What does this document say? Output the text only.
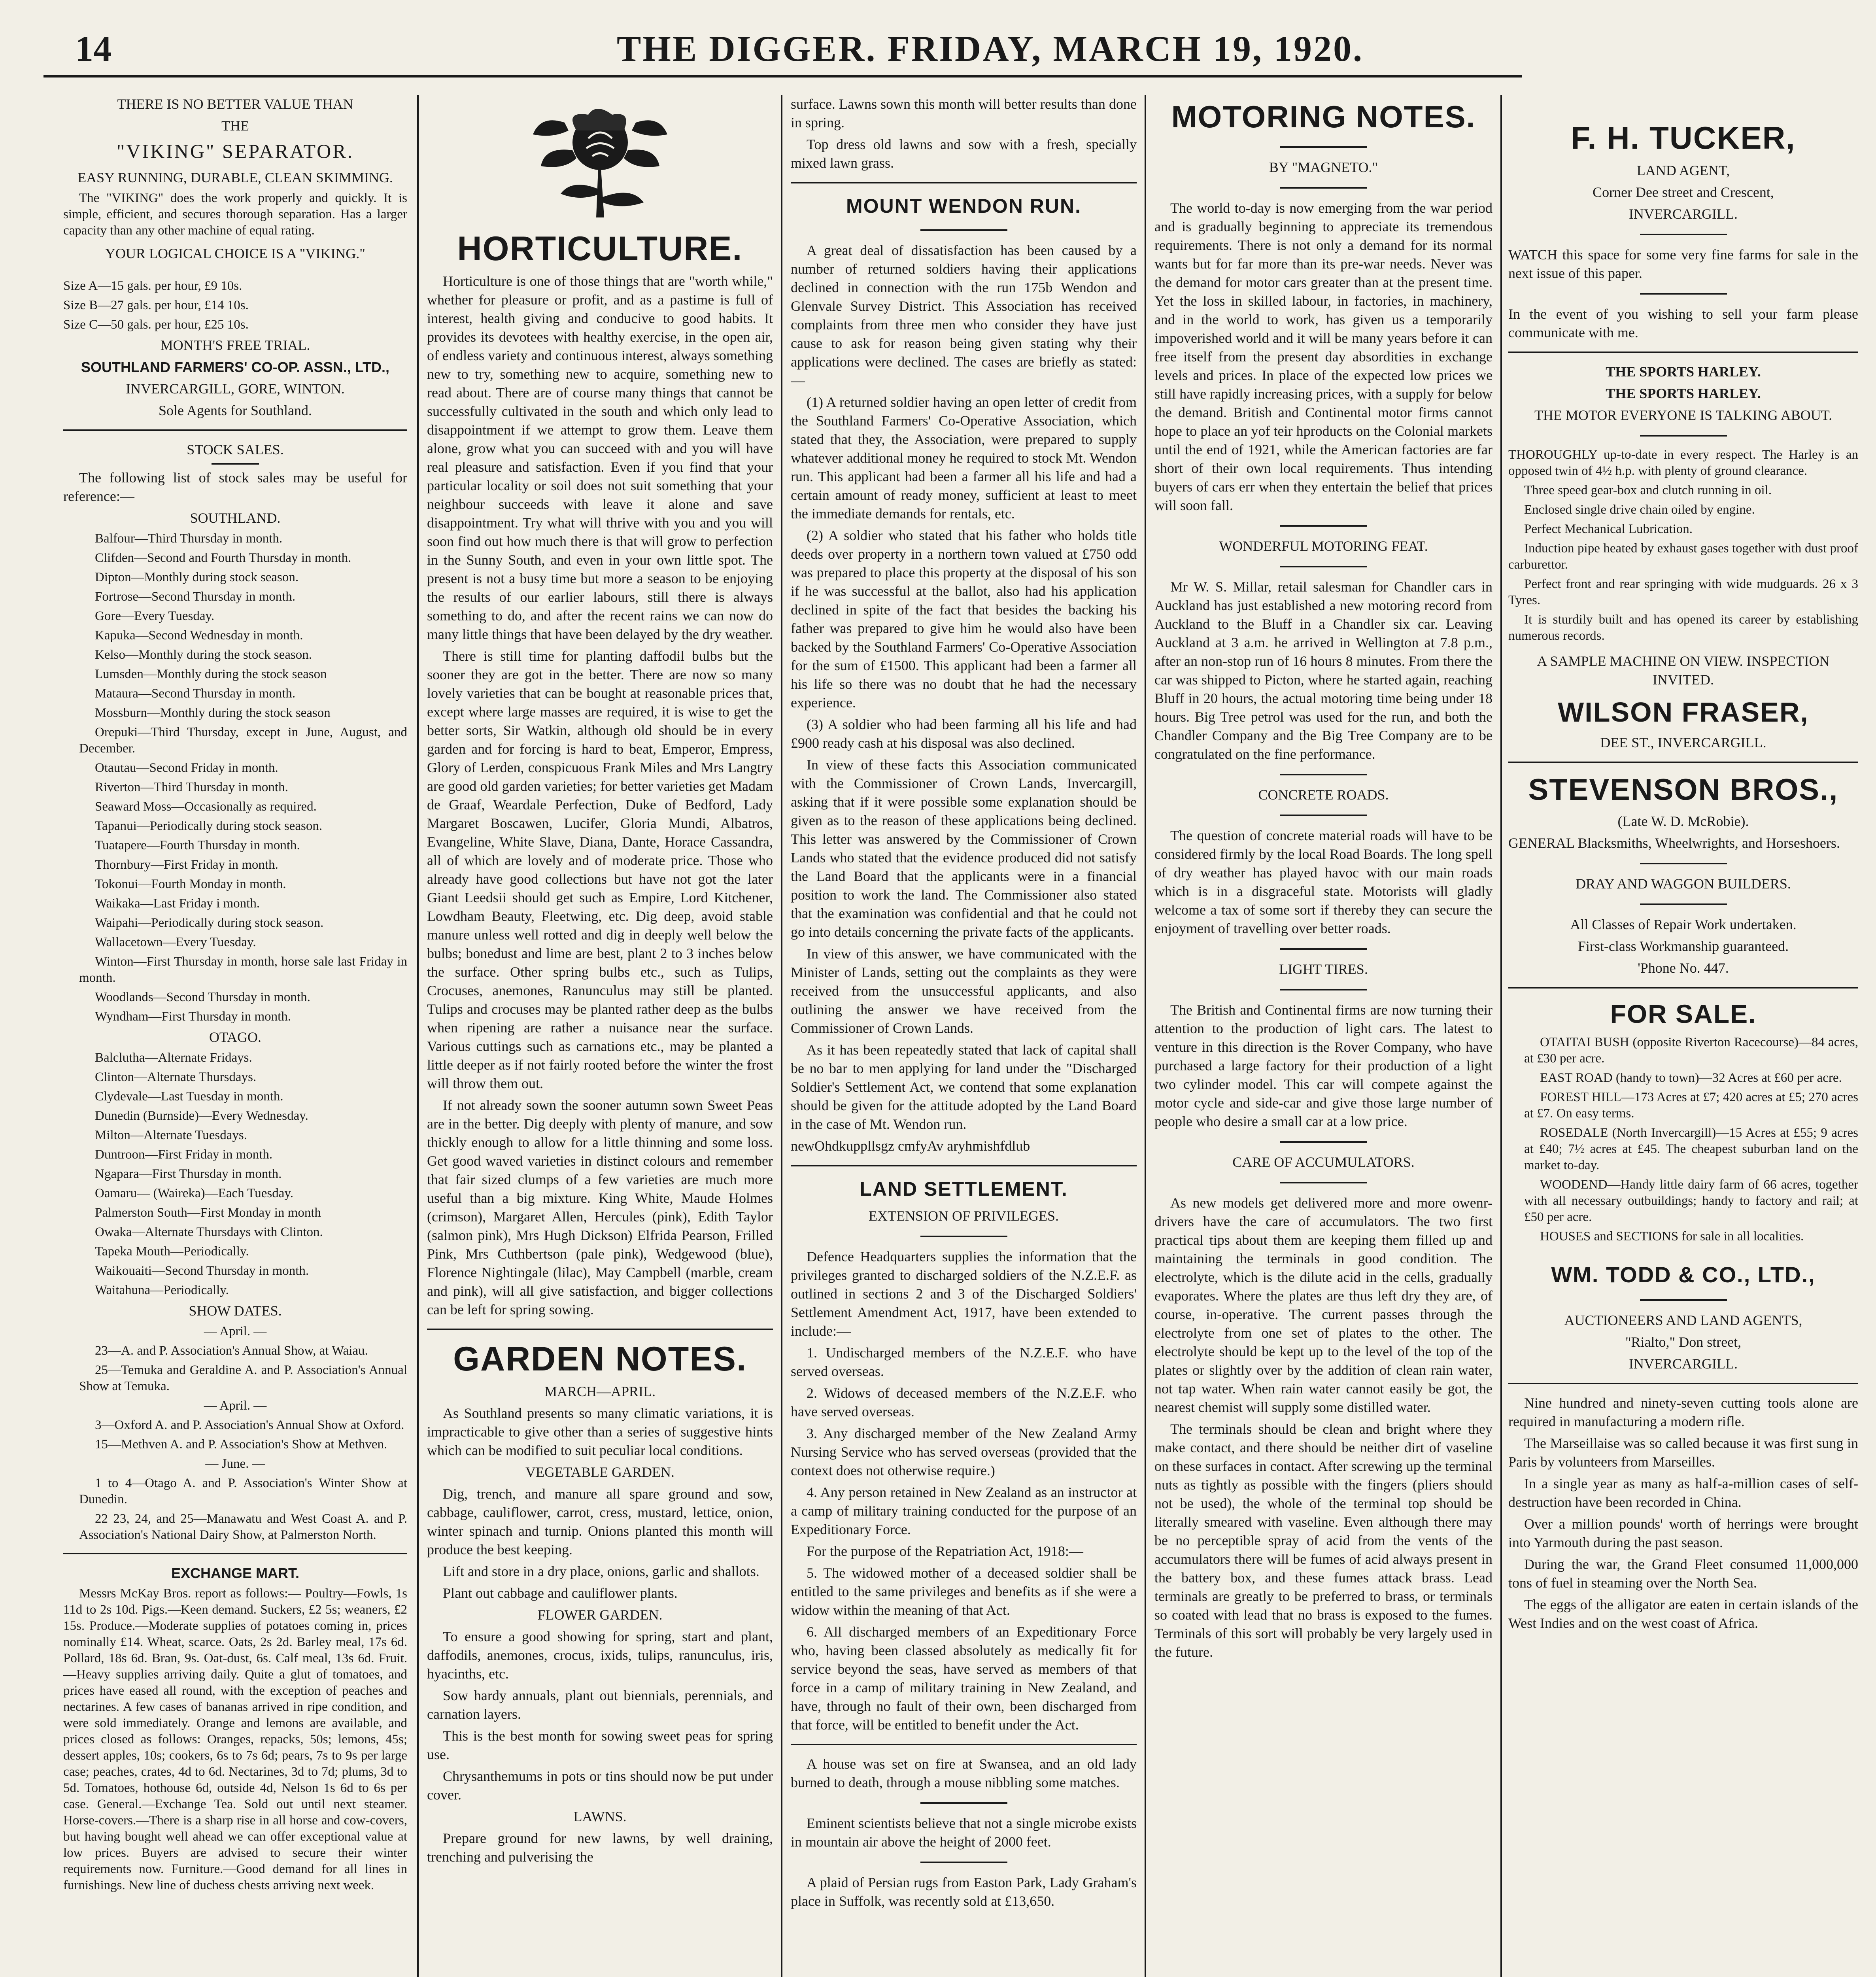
14	THE DIGGER. FRIDAY, MARCH 19, 1920.

THERE IS NO BETTER VALUE THAN

THE

"VIKING" SEPARATOR.

EASY RUNNING, DURABLE, CLEAN SKIMMING.

The "VIKING" does the work properly and quickly. It is simple, efficient, and secures thorough separation. Has a larger capacity than any other machine of equal rating.

YOUR LOGICAL CHOICE IS A "VIKING."

Size A—15 gals. per hour, £9 10s.

Size B—27 gals. per hour, £14 10s.

Size C—50 gals. per hour, £25 10s.

MONTH'S FREE TRIAL.

SOUTHLAND FARMERS' CO-OP. ASSN., LTD.,

INVERCARGILL, GORE, WINTON.

Sole Agents for Southland.

STOCK SALES.

The following list of stock sales may be useful for reference:—

SOUTHLAND.

Balfour—Third Thursday in month.

Clifden—Second and Fourth Thursday in month.

Dipton—Monthly during stock season.

Fortrose—Second Thursday in month.

Gore—Every Tuesday.

Kapuka—Second Wednesday in month.

Kelso—Monthly during the stock season.

Lumsden—Monthly during the stock season

Mataura—Second Thursday in month.

Mossburn—Monthly during the stock season

Orepuki—Third Thursday, except in June, August, and December.

Otautau—Second Friday in month.

Riverton—Third Thursday in month.

Seaward Moss—Occasionally as required.

Tapanui—Periodically during stock season.

Tuatapere—Fourth Thursday in month.

Thornbury—First Friday in month.

Tokonui—Fourth Monday in month.

Waikaka—Last Friday i month.

Waipahi—Periodically during stock season.

Wallacetown—Every Tuesday.

Winton—First Thursday in month, horse sale last Friday in month.

Woodlands—Second Thursday in month.

Wyndham—First Thursday in month.

OTAGO.

Balclutha—Alternate Fridays.

Clinton—Alternate Thursdays.

Clydevale—Last Tuesday in month.

Dunedin (Burnside)—Every Wednesday.

Milton—Alternate Tuesdays.

Duntroon—First Friday in month.

Ngapara—First Thursday in month.

Oamaru— (Waireka)—Each Tuesday.

Palmerston South—First Monday in month

Owaka—Alternate Thursdays with Clinton.

Tapeka Mouth—Periodically.

Waikouaiti—Second Thursday in month.

Waitahuna—Periodically.

SHOW DATES.

— April. —

23—A. and P. Association's Annual Show, at Waiau.

25—Temuka and Geraldine A. and P. Association's Annual Show at Temuka.

— April. —

3—Oxford A. and P. Association's Annual Show at Oxford.

15—Methven A. and P. Association's Show at Methven.

— June. —

1 to 4—Otago A. and P. Association's Winter Show at Dunedin.

22 23, 24, and 25—Manawatu and West Coast A. and P. Association's National Dairy Show, at Palmerston North.

EXCHANGE MART.

Messrs McKay Bros. report as follows:— Poultry—Fowls, 1s 11d to 2s 10d. Pigs.—Keen demand. Suckers, £2 5s; weaners, £2 15s. Produce.—Moderate supplies of potatoes coming in, prices nominally £14. Wheat, scarce. Oats, 2s 2d. Barley meal, 17s 6d. Pollard, 18s 6d. Bran, 9s. Oat-dust, 6s. Calf meal, 13s 6d. Fruit.—Heavy supplies arriving daily. Quite a glut of tomatoes, and prices have eased all round, with the exception of peaches and nectarines. A few cases of bananas arrived in ripe condition, and were sold immediately. Orange and lemons are available, and prices closed as follows: Oranges, repacks, 50s; lemons, 45s; dessert apples, 10s; cookers, 6s to 7s 6d; pears, 7s to 9s per large case; peaches, crates, 4d to 6d. Nectarines, 3d to 7d; plums, 3d to 5d. Tomatoes, hothouse 6d, outside 4d, Nelson 1s 6d to 6s per case. General.—Exchange Tea. Sold out until next steamer. Horse-covers.—There is a sharp rise in all horse and cow-covers, but having bought well ahead we can offer exceptional value at low prices. Buyers are advised to secure their winter requirements now. Furniture.—Good demand for all lines in furnishings. New line of duchess chests arriving next week.

HORTICULTURE.

Horticulture is one of those things that are "worth while," whether for pleasure or profit, and as a pastime is full of interest, health giving and conducive to good habits. It provides its devotees with healthy exercise, in the open air, of endless variety and continuous interest, always something new to try, something new to acquire, something new to read about. There are of course many things that cannot be successfully cultivated in the south and which only lead to disappointment if we attempt to grow them. Leave them alone, grow what you can succeed with and you will have real pleasure and satisfaction. Even if you find that your particular locality or soil does not suit something that your neighbour succeeds with leave it alone and save disappointment. Try what will thrive with you and you will soon find out how much there is that will grow to perfection in the Sunny South, and even in your own little spot. The present is not a busy time but more a season to be enjoying the results of our earlier labours, still there is always something to do, and after the recent rains we can now do many little things that have been delayed by the dry weather.

There is still time for planting daffodil bulbs but the sooner they are got in the better. There are now so many lovely varieties that can be bought at reasonable prices that, except where large masses are required, it is wise to get the better sorts, Sir Watkin, although old should be in every garden and for forcing is hard to beat, Emperor, Empress, Glory of Lerden, conspicuous Frank Miles and Mrs Langtry are good old garden varieties; for better varieties get Madam de Graaf, Weardale Perfection, Duke of Bedford, Lady Margaret Boscawen, Lucifer, Gloria Mundi, Albatros, Evangeline, White Slave, Diana, Dante, Horace Cassandra, all of which are lovely and of moderate price. Those who already have good collections but have not got the later Giant Leedsii should get such as Empire, Lord Kitchener, Lowdham Beauty, Fleetwing, etc. Dig deep, avoid stable manure unless well rotted and dig in deeply well below the bulbs; bonedust and lime are best, plant 2 to 3 inches below the surface. Other spring bulbs etc., such as Tulips, Crocuses, anemones, Ranunculus may still be planted. Tulips and crocuses may be planted rather deep as the bulbs when ripening are rather a nuisance near the surface. Various cuttings such as carnations etc., may be planted a little deeper as if not fairly rooted before the winter the frost will throw them out.

If not already sown the sooner autumn sown Sweet Peas are in the better. Dig deeply with plenty of manure, and sow thickly enough to allow for a little thinning and some loss. Get good waved varieties in distinct colours and remember that fair sized clumps of a few varieties are much more useful than a big mixture. King White, Maude Holmes (crimson), Margaret Allen, Hercules (pink), Edith Taylor (salmon pink), Mrs Hugh Dickson) Elfrida Pearson, Frilled Pink, Mrs Cuthbertson (pale pink), Wedgewood (blue), Florence Nightingale (lilac), May Campbell (marble, cream and pink), will all give satisfaction, and bigger collections can be left for spring sowing.

GARDEN NOTES.

MARCH—APRIL.

As Southland presents so many climatic variations, it is impracticable to give other than a series of suggestive hints which can be modified to suit peculiar local conditions.

VEGETABLE GARDEN.

Dig, trench, and manure all spare ground and sow, cabbage, cauliflower, carrot, cress, mustard, lettice, onion, winter spinach and turnip. Onions planted this month will produce the best keeping.

Lift and store in a dry place, onions, garlic and shallots.

Plant out cabbage and cauliflower plants.

FLOWER GARDEN.

To ensure a good showing for spring, start and plant, daffodils, anemones, crocus, ixids, tulips, ranunculus, iris, hyacinths, etc.

Sow hardy annuals, plant out biennials, perennials, and carnation layers.

This is the best month for sowing sweet peas for spring use.

Chrysanthemums in pots or tins should now be put under cover.

LAWNS.

Prepare ground for new lawns, by well draining, trenching and pulverising the

surface. Lawns sown this month will better results than done in spring.

Top dress old lawns and sow with a fresh, specially mixed lawn grass.

MOUNT WENDON RUN.

A great deal of dissatisfaction has been caused by a number of returned soldiers having their applications declined in connection with the run 175b Wendon and Glenvale Survey District. This Association has received complaints from three men who consider they have just cause to ask for reason being given stating why their applications were declined. The cases are briefly as stated:—

(1) A returned soldier having an open letter of credit from the Southland Farmers' Co-Operative Association, which stated that they, the Association, were prepared to supply whatever additional money he required to stock Mt. Wendon run. This applicant had been a farmer all his life and had a certain amount of ready money, sufficient at least to meet the immediate demands for rentals, etc.

(2) A soldier who stated that his father who holds title deeds over property in a northern town valued at £750 odd was prepared to place this property at the disposal of his son if he was successful at the ballot, also had his application declined in spite of the fact that besides the backing his father was prepared to give him he would also have been backed by the Southland Farmers' Co-Operative Association for the sum of £1500. This applicant had been a farmer all his life so there was no doubt that he had the necessary experience.

(3) A soldier who had been farming all his life and had £900 ready cash at his disposal was also declined.

In view of these facts this Association communicated with the Commissioner of Crown Lands, Invercargill, asking that if it were possible some explanation should be given as to the reason of these applications being declined. This letter was answered by the Commissioner of Crown Lands who stated that the evidence produced did not satisfy the Land Board that the applicants were in a financial position to work the land. The Commissioner also stated that the examination was confidential and that he could not go into details concerning the private facts of the applicants.

In view of this answer, we have communicated with the Minister of Lands, setting out the complaints as they were received from the unsuccessful applicants, and also outlining the answer we have received from the Commissioner of Crown Lands.

As it has been repeatedly stated that lack of capital shall be no bar to men applying for land under the "Discharged Soldier's Settlement Act, we contend that some explanation should be given for the attitude adopted by the Land Board in the case of Mt. Wendon run.

newOhdkuppllsgz cmfyAv aryhmishfdlub

LAND SETTLEMENT.

EXTENSION OF PRIVILEGES.

Defence Headquarters supplies the information that the privileges granted to discharged soldiers of the N.Z.E.F. as outlined in sections 2 and 3 of the Discharged Soldiers' Settlement Amendment Act, 1917, have been extended to include:—

1. Undischarged members of the N.Z.E.F. who have served overseas.

2. Widows of deceased members of the N.Z.E.F. who have served overseas.

3. Any discharged member of the New Zealand Army Nursing Service who has served overseas (provided that the context does not otherwise require.)

4. Any person retained in New Zealand as an instructor at a camp of military training conducted for the purpose of an Expeditionary Force.

For the purpose of the Repatriation Act, 1918:—

5. The widowed mother of a deceased soldier shall be entitled to the same privileges and benefits as if she were a widow within the meaning of that Act.

6. All discharged members of an Expeditionary Force who, having been classed absolutely as medically fit for service beyond the seas, have served as members of that force in a camp of military training in New Zealand, and have, through no fault of their own, been discharged from that force, will be entitled to benefit under the Act.

A house was set on fire at Swansea, and an old lady burned to death, through a mouse nibbling some matches.

Eminent scientists believe that not a single microbe exists in mountain air above the height of 2000 feet.

A plaid of Persian rugs from Easton Park, Lady Graham's place in Suffolk, was recently sold at £13,650.

MOTORING NOTES.

BY "MAGNETO."

The world to-day is now emerging from the war period and is gradually beginning to appreciate its tremendous requirements. There is not only a demand for its normal wants but for far more than its pre-war needs. Never was the demand for motor cars greater than at the present time. Yet the loss in skilled labour, in factories, in machinery, and in the world to work, has given us a temporarily impoverished world and it will be many years before it can free itself from the present day absordities in exchange levels and prices. In place of the expected low prices we still have rapidly increasing prices, with a supply for below the demand. British and Continental motor firms cannot hope to place an yof teir hproducts on the Colonial markets until the end of 1921, while the American factories are far short of their own local requirements. Thus intending buyers of cars err when they entertain the belief that prices will soon fall.

WONDERFUL MOTORING FEAT.

Mr W. S. Millar, retail salesman for Chandler cars in Auckland has just established a new motoring record from Auckland to the Bluff in a Chandler six car. Leaving Auckland at 3 a.m. he arrived in Wellington at 7.8 p.m., after an non-stop run of 16 hours 8 minutes. From there the car was shipped to Picton, where he started again, reaching Bluff in 20 hours, the actual motoring time being under 18 hours. Big Tree petrol was used for the run, and both the Chandler Company and the Big Tree Company are to be congratulated on the fine performance.

CONCRETE ROADS.

The question of concrete material roads will have to be considered firmly by the local Road Boards. The long spell of dry weather has played havoc with our main roads which is in a disgraceful state. Motorists will gladly welcome a tax of some sort if thereby they can secure the enjoyment of travelling over better roads.

LIGHT TIRES.

The British and Continental firms are now turning their attention to the production of light cars. The latest to venture in this direction is the Rover Company, who have purchased a large factory for their production of a light two cylinder model. This car will compete against the motor cycle and side-car and give those large number of people who desire a small car at a low price.

CARE OF ACCUMULATORS.

As new models get delivered more and more owenr-drivers have the care of accumulators. The two first practical tips about them are keeping them filled up and maintaining the terminals in good condition. The electrolyte, which is the dilute acid in the cells, gradually evaporates. Where the plates are thus left dry they are, of course, in-operative. The current passes through the electrolyte from one set of plates to the other. The electrolyte should be kept up to the level of the top of the plates or slightly over by the addition of clean rain water, not tap water. When rain water cannot easily be got, the nearest chemist will supply some distilled water.

The terminals should be clean and bright where they make contact, and there should be neither dirt of vaseline on these surfaces in contact. After screwing up the terminal nuts as tightly as possible with the fingers (pliers should not be used), the whole of the terminal top should be literally smeared with vaseline. Even although there may be no perceptible spray of acid from the vents of the accumulators there will be fumes of acid always present in the battery box, and these fumes attack brass. Lead terminals are greatly to be preferred to brass, or terminals so coated with lead that no brass is exposed to the fumes. Terminals of this sort will probably be very largely used in the future.

F. H. TUCKER,

LAND AGENT,

Corner Dee street and Crescent,

INVERCARGILL.

WATCH this space for some very fine farms for sale in the next issue of this paper.

In the event of you wishing to sell your farm please communicate with me.

THE SPORTS HARLEY.

THE SPORTS HARLEY.

THE MOTOR EVERYONE IS TALKING ABOUT.

THOROUGHLY up-to-date in every respect. The Harley is an opposed twin of 4½ h.p. with plenty of ground clearance.

Three speed gear-box and clutch running in oil.

Enclosed single drive chain oiled by engine.

Perfect Mechanical Lubrication.

Induction pipe heated by exhaust gases together with dust proof carburettor.

Perfect front and rear springing with wide mudguards. 26 x 3 Tyres.

It is sturdily built and has opened its career by establishing numerous records.

A SAMPLE MACHINE ON VIEW. INSPECTION INVITED.

WILSON FRASER,

DEE ST., INVERCARGILL.

STEVENSON BROS.,

(Late W. D. McRobie).

GENERAL Blacksmiths, Wheelwrights, and Horseshoers.

DRAY AND WAGGON BUILDERS.

All Classes of Repair Work undertaken.

First-class Workmanship guaranteed.

'Phone No. 447.

FOR SALE.

OTAITAI BUSH (opposite Riverton Racecourse)—84 acres, at £30 per acre.

EAST ROAD (handy to town)—32 Acres at £60 per acre.

FOREST HILL—173 Acres at £7; 420 acres at £5; 270 acres at £7. On easy terms.

ROSEDALE (North Invercargill)—15 Acres at £55; 9 acres at £40; 7½ acres at £45. The cheapest suburban land on the market to-day.

WOODEND—Handy little dairy farm of 66 acres, together with all necessary outbuildings; handy to factory and rail; at £50 per acre.

HOUSES and SECTIONS for sale in all localities.

WM. TODD & CO., LTD.,

AUCTIONEERS AND LAND AGENTS,

"Rialto," Don street,

INVERCARGILL.

Nine hundred and ninety-seven cutting tools alone are required in manufacturing a modern rifle.

The Marseillaise was so called because it was first sung in Paris by volunteers from Marseilles.

In a single year as many as half-a-million cases of self-destruction have been recorded in China.

Over a million pounds' worth of herrings were brought into Yarmouth during the past season.

During the war, the Grand Fleet consumed 11,000,000 tons of fuel in steaming over the North Sea.

The eggs of the alligator are eaten in certain islands of the West Indies and on the west coast of Africa.
